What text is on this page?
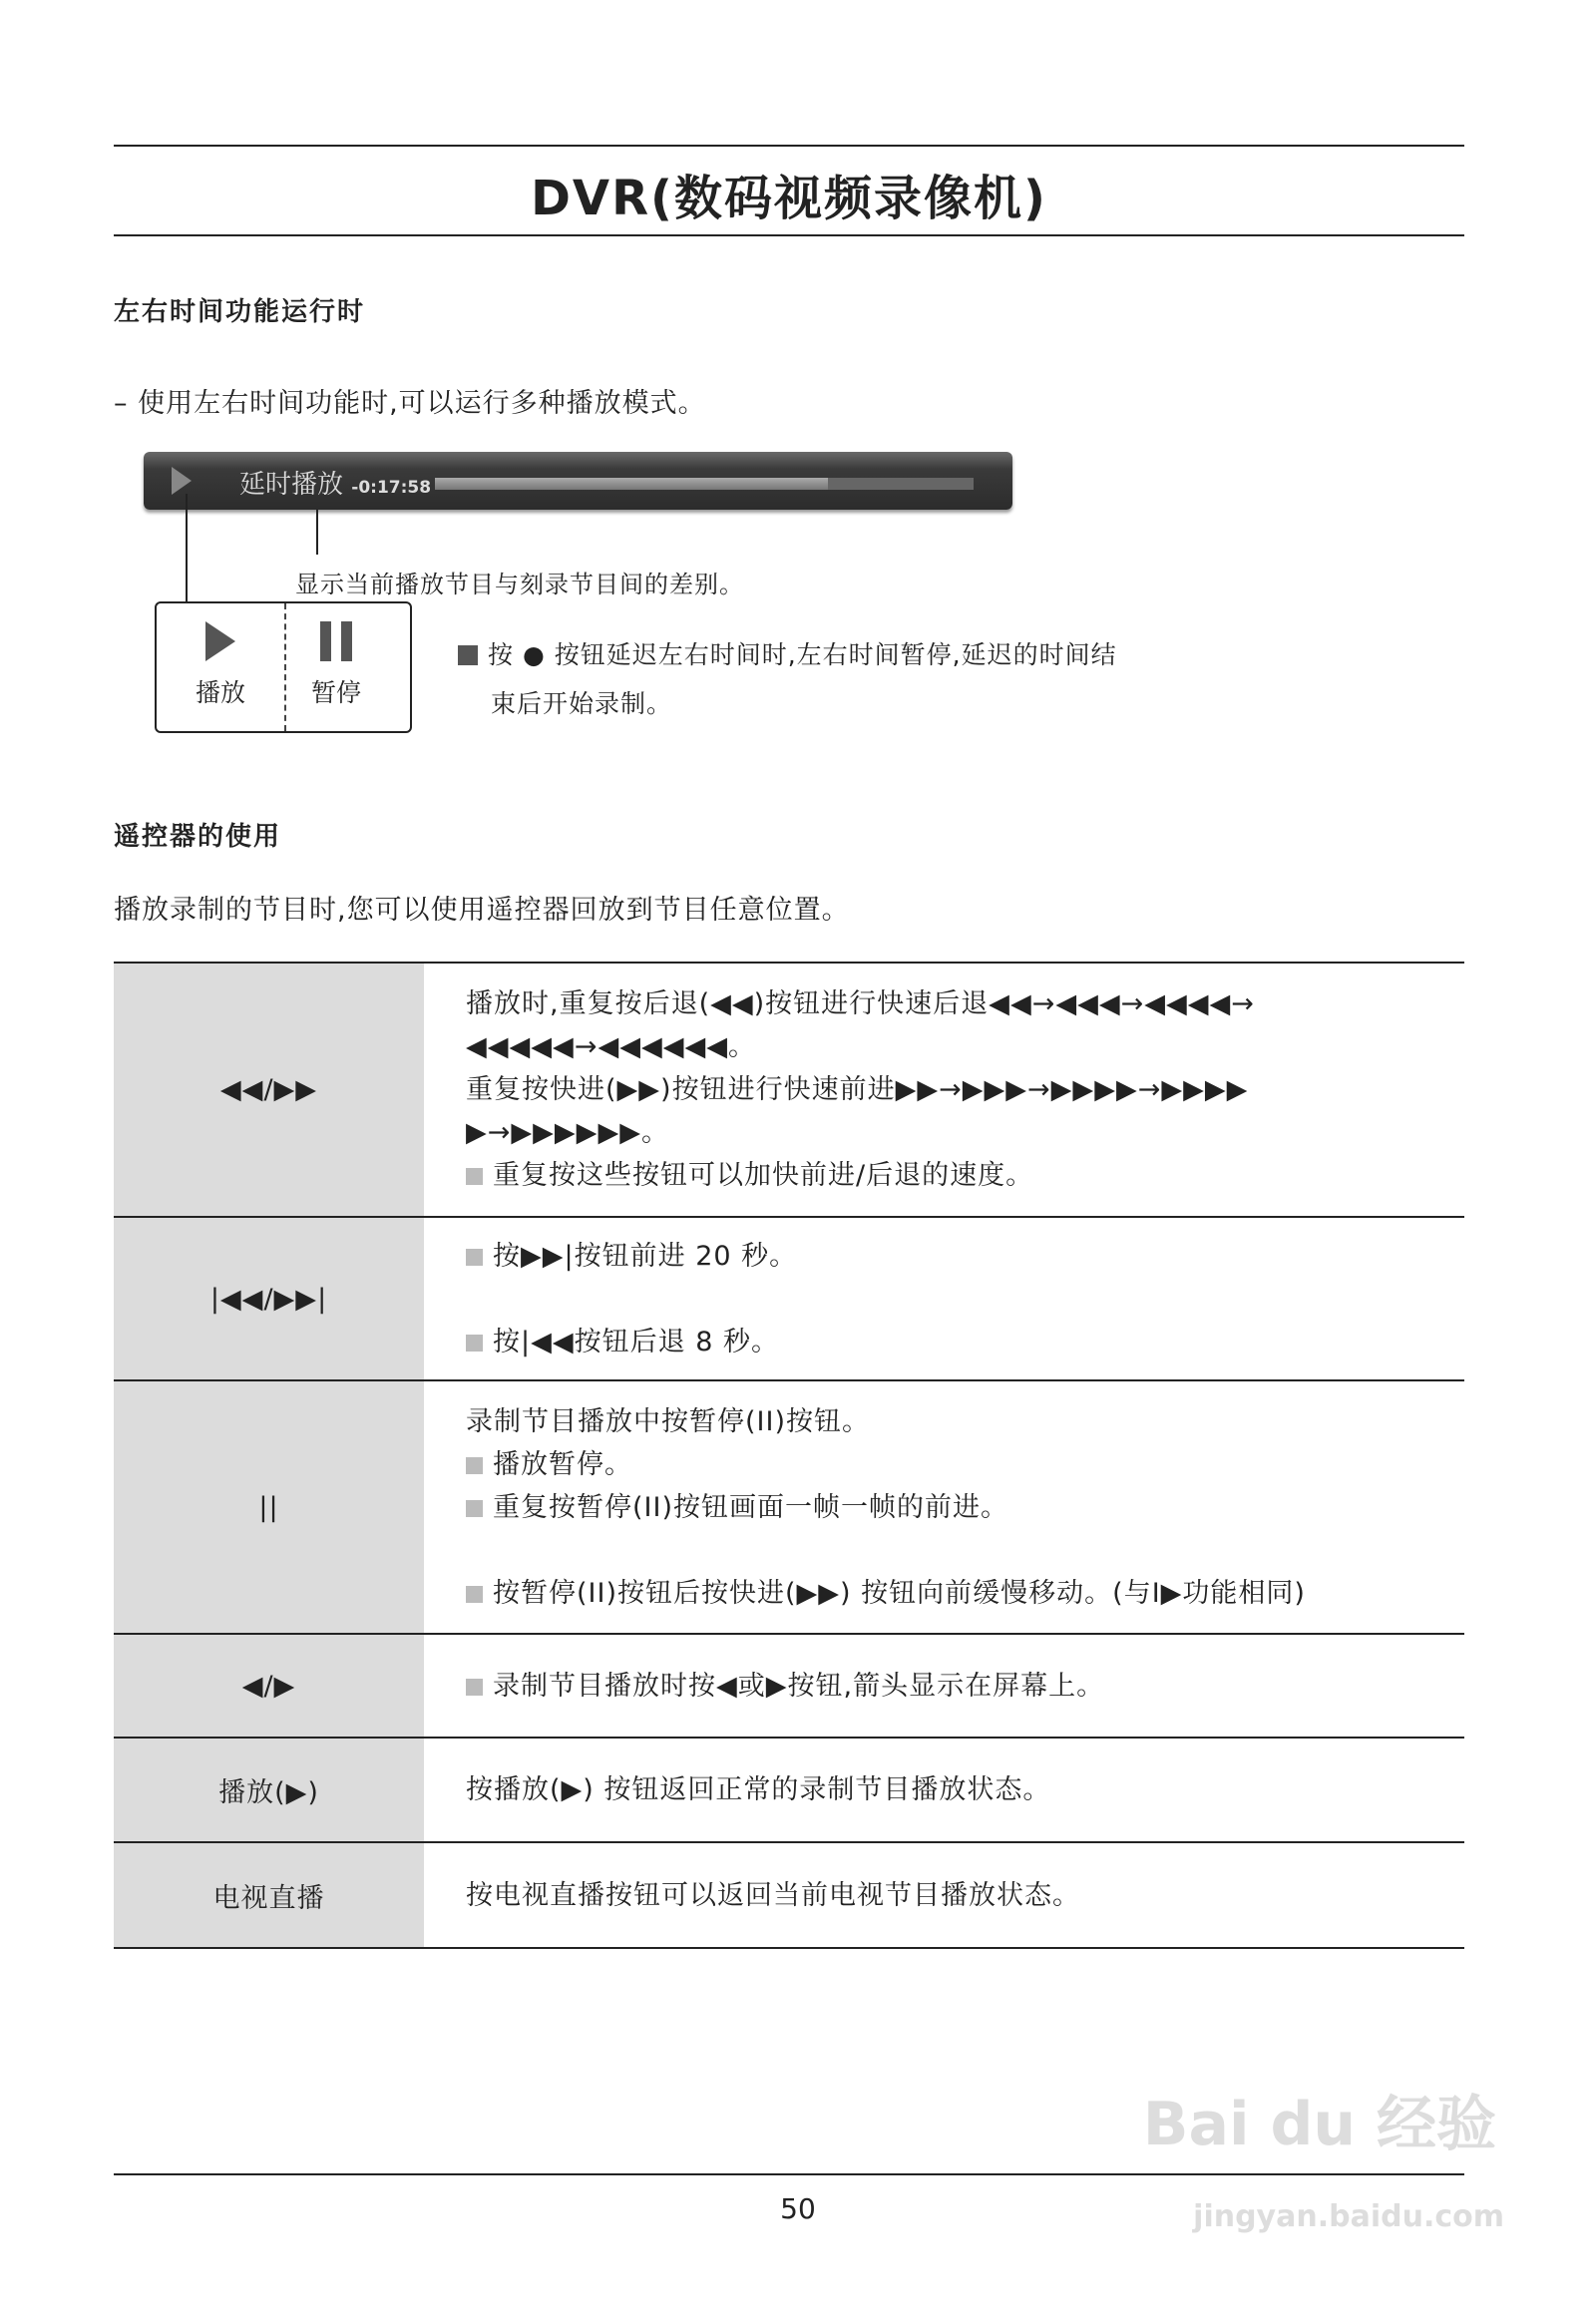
DVR(数码视频录像机)
左右时间功能运行时
– 使用左右时间功能时,可以运行多种播放模式。
延时播放 -0:17:58
显示当前播放节目与刻录节目间的差别。
播放	暂停
按 ● 按钮延迟左右时间时,左右时间暂停,延迟的时间结
束后开始录制。
遥控器的使用
播放录制的节目时,您可以使用遥控器回放到节目任意位置。
◀◀/▶▶	播放时,重复按后退(◀◀)按钮进行快速后退◀◀→◀◀◀→◀◀◀◀→
◀◀◀◀◀→◀◀◀◀◀◀。
重复按快进(▶▶)按钮进行快速前进▶▶→▶▶▶→▶▶▶▶→▶▶▶▶
▶→▶▶▶▶▶▶。
重复按这些按钮可以加快前进/后退的速度。

|◀◀/▶▶|	按▶▶|按钮前进 20 秒。
按|◀◀按钮后退 8 秒。

||	录制节目播放中按暂停(II)按钮。
播放暂停。
重复按暂停(II)按钮画面一帧一帧的前进。
按暂停(II)按钮后按快进(▶▶) 按钮向前缓慢移动。(与I▶功能相同)

◀/▶	录制节目播放时按◀或▶按钮,箭头显示在屏幕上。

播放(▶)	按播放(▶) 按钮返回正常的录制节目播放状态。
电视直播	按电视直播按钮可以返回当前电视节目播放状态。
50
Bai du 经验
jingyan.baidu.com
